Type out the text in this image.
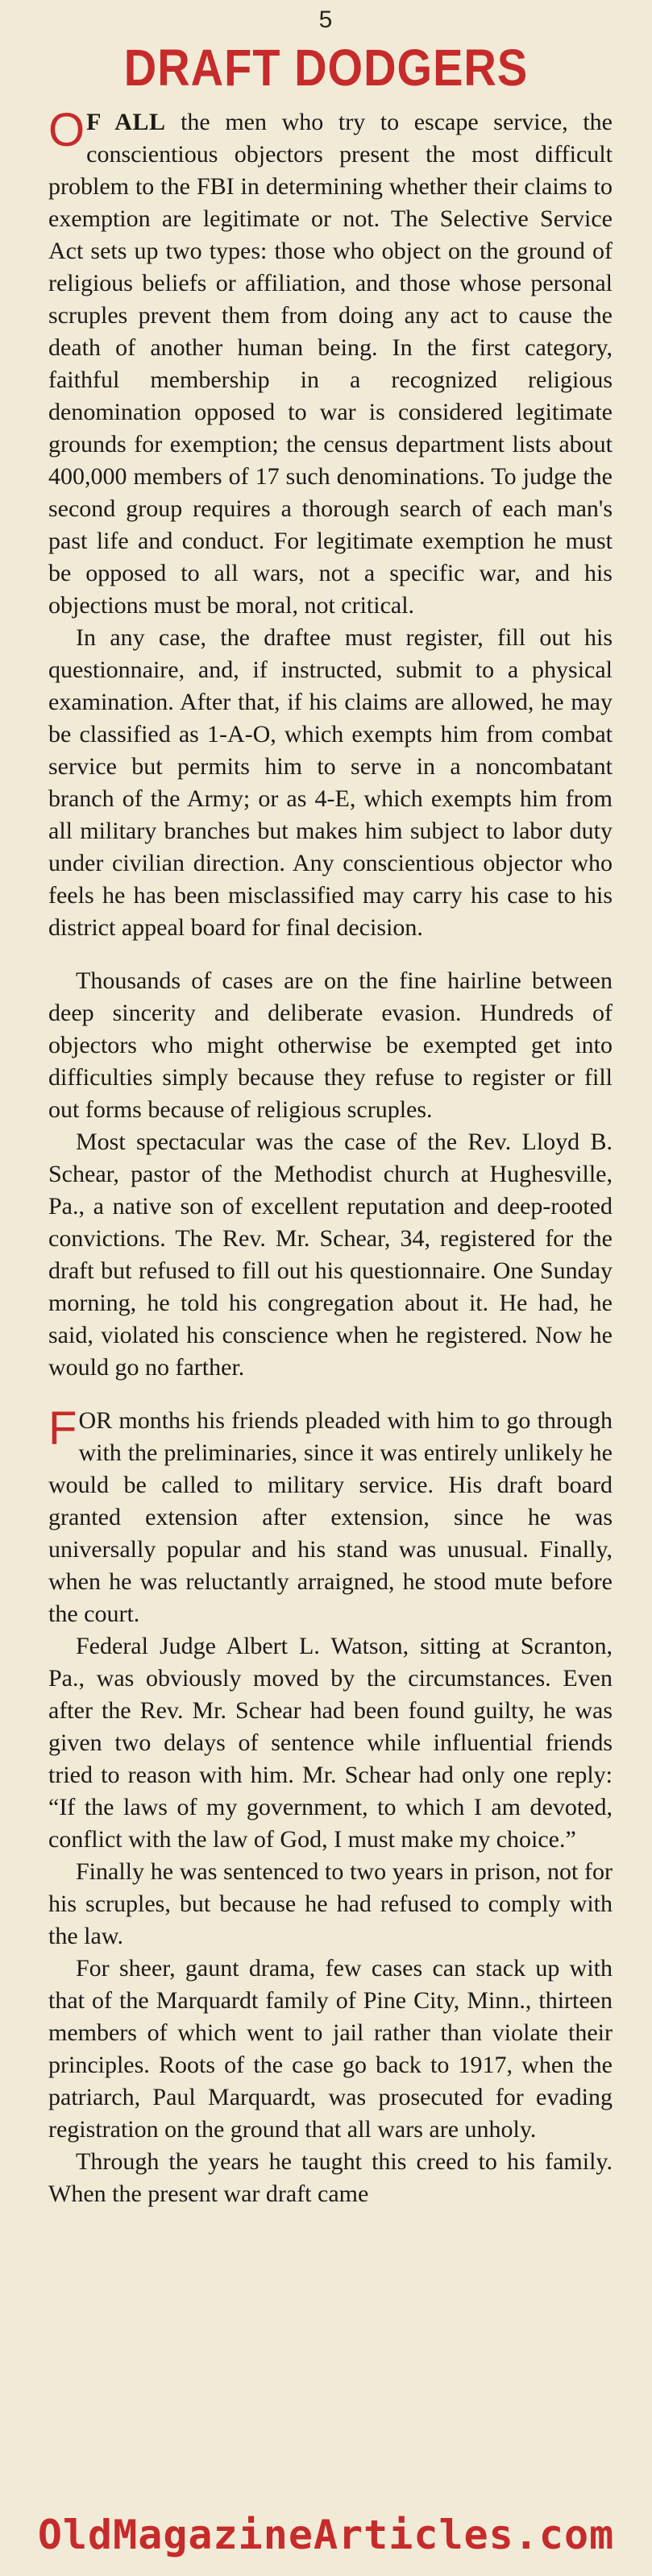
5
DRAFT DODGERS

O F ALL the men who try to escape service, the conscientious objectors present the most difficult problem to the FBI in determining whether their claims to exemption are legitimate or not. The Selective Service Act sets up two types: those who object on the ground of religious beliefs or affiliation, and those whose personal scruples prevent them from doing any act to cause the death of another human being. In the first category, faithful membership in a recognized religious denomination opposed to war is considered legitimate grounds for exemption; the census department lists about 400,000 members of 17 such denominations. To judge the second group requires a thorough search of each man's past life and conduct. For legitimate exemption he must be opposed to all wars, not a specific war, and his objections must be moral, not critical.

In any case, the draftee must register, fill out his questionnaire, and, if instructed, submit to a physical examination. After that, if his claims are allowed, he may be classified as 1-A-O, which exempts him from combat service but permits him to serve in a noncombatant branch of the Army; or as 4-E, which exempts him from all military branches but makes him subject to labor duty under civilian direction. Any conscientious objector who feels he has been misclassified may carry his case to his district appeal board for final decision.

Thousands of cases are on the fine hairline between deep sincerity and deliberate evasion. Hundreds of objectors who might otherwise be exempted get into difficulties simply because they refuse to register or fill out forms because of religious scruples.

Most spectacular was the case of the Rev. Lloyd B. Schear, pastor of the Methodist church at Hughesville, Pa., a native son of excellent reputation and deep-rooted convictions. The Rev. Mr. Schear, 34, registered for the draft but refused to fill out his questionnaire. One Sunday morning, he told his congregation about it. He had, he said, violated his conscience when he registered. Now he would go no farther.

FOR months his friends pleaded with him to go through with the preliminaries, since it was entirely unlikely he would be called to military service. His draft board granted extension after extension, since he was universally popular and his stand was unusual. Finally, when he was reluctantly arraigned, he stood mute before the court.

Federal Judge Albert L. Watson, sitting at Scranton, Pa., was obviously moved by the circumstances. Even after the Rev. Mr. Schear had been found guilty, he was given two delays of sentence while influential friends tried to reason with him. Mr. Schear had only one reply: “If the laws of my government, to which I am devoted, conflict with the law of God, I must make my choice.”

Finally he was sentenced to two years in prison, not for his scruples, but because he had refused to comply with the law.

For sheer, gaunt drama, few cases can stack up with that of the Marquardt family of Pine City, Minn., thirteen members of which went to jail rather than violate their principles. Roots of the case go back to 1917, when the patriarch, Paul Marquardt, was prosecuted for evading registration on the ground that all wars are unholy.

Through the years he taught this creed to his family. When the present war draft came

OldMagazineArticles.com
